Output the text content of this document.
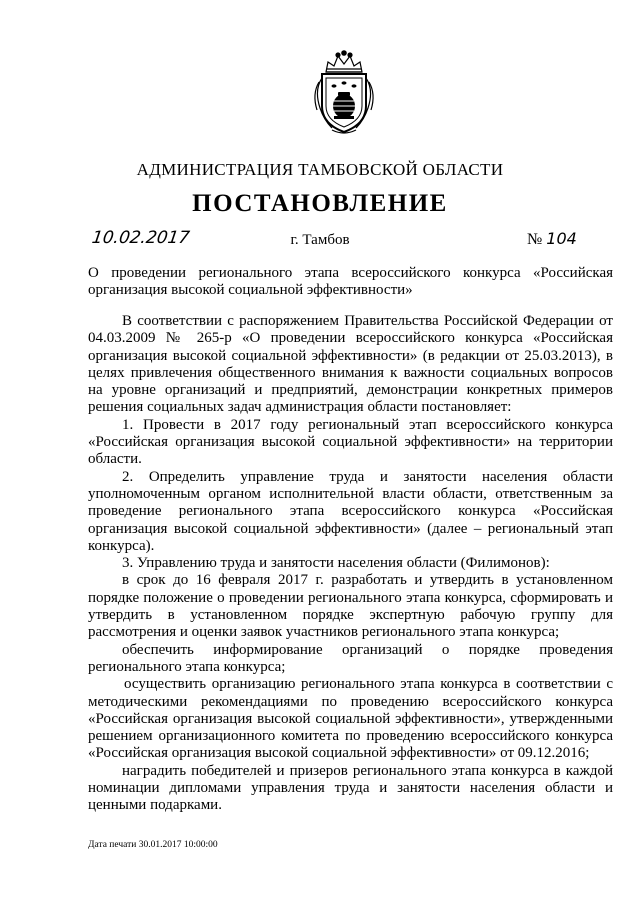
АДМИНИСТРАЦИЯ ТАМБОВСКОЙ ОБЛАСТИ
ПОСТАНОВЛЕНИЕ
10.02.2017	г. Тамбов	№ 104
О проведении регионального этапа всероссийского конкурса «Российская организация высокой социальной эффективности»

В соответствии с распоряжением Правительства Российской Федерации от 04.03.2009 № 265-р «О проведении всероссийского конкурса «Российская организация высокой социальной эффективности» (в редакции от 25.03.2013), в целях привлечения общественного внимания к важности социальных вопросов на уровне организаций и предприятий, демонстрации конкретных примеров решения социальных задач администрация области постановляет:

1. Провести в 2017 году региональный этап всероссийского конкурса «Российская организация высокой социальной эффективности» на территории области.

2. Определить управление труда и занятости населения области уполномоченным органом исполнительной власти области, ответственным за проведение регионального этапа всероссийского конкурса «Российская организация высокой социальной эффективности» (далее – региональный этап конкурса).

3. Управлению труда и занятости населения области (Филимонов):

в срок до 16 февраля 2017 г. разработать и утвердить в установленном порядке положение о проведении регионального этапа конкурса, сформировать и утвердить в установленном порядке экспертную рабочую группу для рассмотрения и оценки заявок участников регионального этапа конкурса;

обеспечить информирование организаций о порядке проведения регионального этапа конкурса;

осуществить организацию регионального этапа конкурса в соответствии с методическими рекомендациями по проведению всероссийского конкурса «Российская организация высокой социальной эффективности», утвержденными решением организационного комитета по проведению всероссийского конкурса «Российская организация высокой социальной эффективности» от 09.12.2016;

наградить победителей и призеров регионального этапа конкурса в каждой номинации дипломами управления труда и занятости населения области и ценными подарками.

Дата печати 30.01.2017 10:00:00
